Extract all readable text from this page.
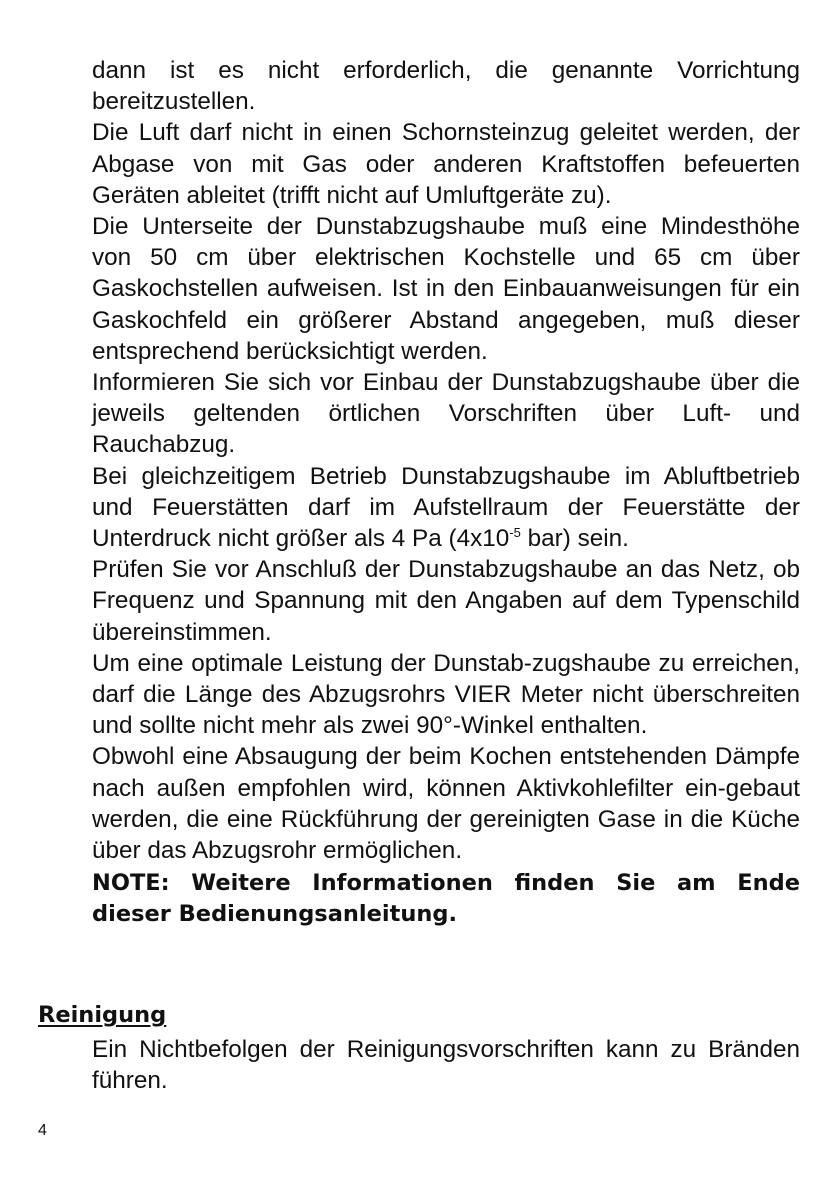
dann ist es nicht erforderlich, die genannte Vorrichtung bereitzustellen.

Die Luft darf nicht in einen Schornsteinzug geleitet werden, der Abgase von mit Gas oder anderen Kraftstoffen befeuerten Geräten ableitet (trifft nicht auf Umluftgeräte zu).

Die Unterseite der Dunstabzugshaube muß eine Mindesthöhe von 50 cm über elektrischen Kochstelle und 65 cm über Gaskochstellen aufweisen. Ist in den Einbauanweisungen für ein Gaskochfeld ein größerer Abstand angegeben, muß dieser entsprechend berücksichtigt werden.

Informieren Sie sich vor Einbau der Dunstabzugshaube über die jeweils geltenden örtlichen Vorschriften über Luft- und Rauchabzug.

Bei gleichzeitigem Betrieb Dunstabzugshaube im Abluftbetrieb und Feuerstätten darf im Aufstellraum der Feuerstätte der Unterdruck nicht größer als 4 Pa ($4x10^{-5}$ bar) sein.

Prüfen Sie vor Anschluß der Dunstabzugshaube an das Netz, ob Frequenz und Spannung mit den Angaben auf dem Typenschild übereinstimmen.

Um eine optimale Leistung der Dunstab-zugshaube zu erreichen, darf die Länge des Abzugsrohrs VIER Meter nicht überschreiten und sollte nicht mehr als zwei 90°-Winkel enthalten.

Obwohl eine Absaugung der beim Kochen entstehenden Dämpfe nach außen empfohlen wird, können Aktivkohlefilter ein-gebaut werden, die eine Rückführung der gereinigten Gase in die Küche über das Abzugsrohr ermöglichen.

NOTE: Weitere Informationen finden Sie am Ende dieser Bedienungsanleitung.

Reinigung

Ein Nichtbefolgen der Reinigungsvorschriften kann zu Bränden führen.

4
